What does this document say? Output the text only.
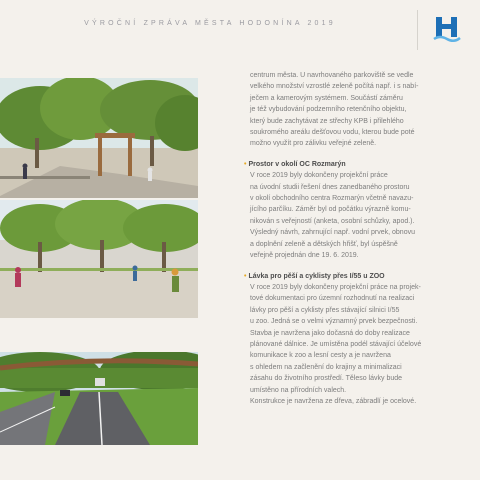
VÝROČNÍ ZPRÁVA MĚSTA HODONÍNA 2019

centrum města. U navrhovaného parkoviště se vedle
velkého množství vzrostlé zeleně počítá např. i s nabí-
ječem a kamerovým systémem. Součástí záměru
je též vybudování podzemního retenčního objektu,
který bude zachytávat ze střechy KPB i přilehlého
soukromého areálu dešťovou vodu, kterou bude poté
možno využít pro zálivku veřejné zeleně.

• Prostor v okolí OC Rozmarýn

V roce 2019 byly dokončeny projekční práce
na úvodní studii řešení dnes zanedbaného prostoru
v okolí obchodního centra Rozmarýn včetně navazu-
jícího parčíku. Záměr byl od počátku výrazně komu-
nikován s veřejností (anketa, osobní schůzky, apod.).
Výsledný návrh, zahrnující např. vodní prvek, obnovu
a doplnění zeleně a dětských hřišť, byl úspěšně
veřejně projednán dne 19. 6. 2019.

• Lávka pro pěší a cyklisty přes I/55 u ZOO

V roce 2019 byly dokončeny projekční práce na projek-
tové dokumentaci pro územní rozhodnutí na realizaci
lávky pro pěší a cyklisty přes stávající silnici I/55
u zoo. Jedná se o velmi významný prvek bezpečnosti.
Stavba je navržena jako dočasná do doby realizace
plánované dálnice. Je umístěna podél stávající účelové
komunikace k zoo a lesní cesty a je navržena
s ohledem na začlenění do krajiny a minimalizaci
zásahu do životního prostředí. Těleso lávky bude
umístěno na přírodních valech.
Konstrukce je navržena ze dřeva, zábradlí je ocelové.
